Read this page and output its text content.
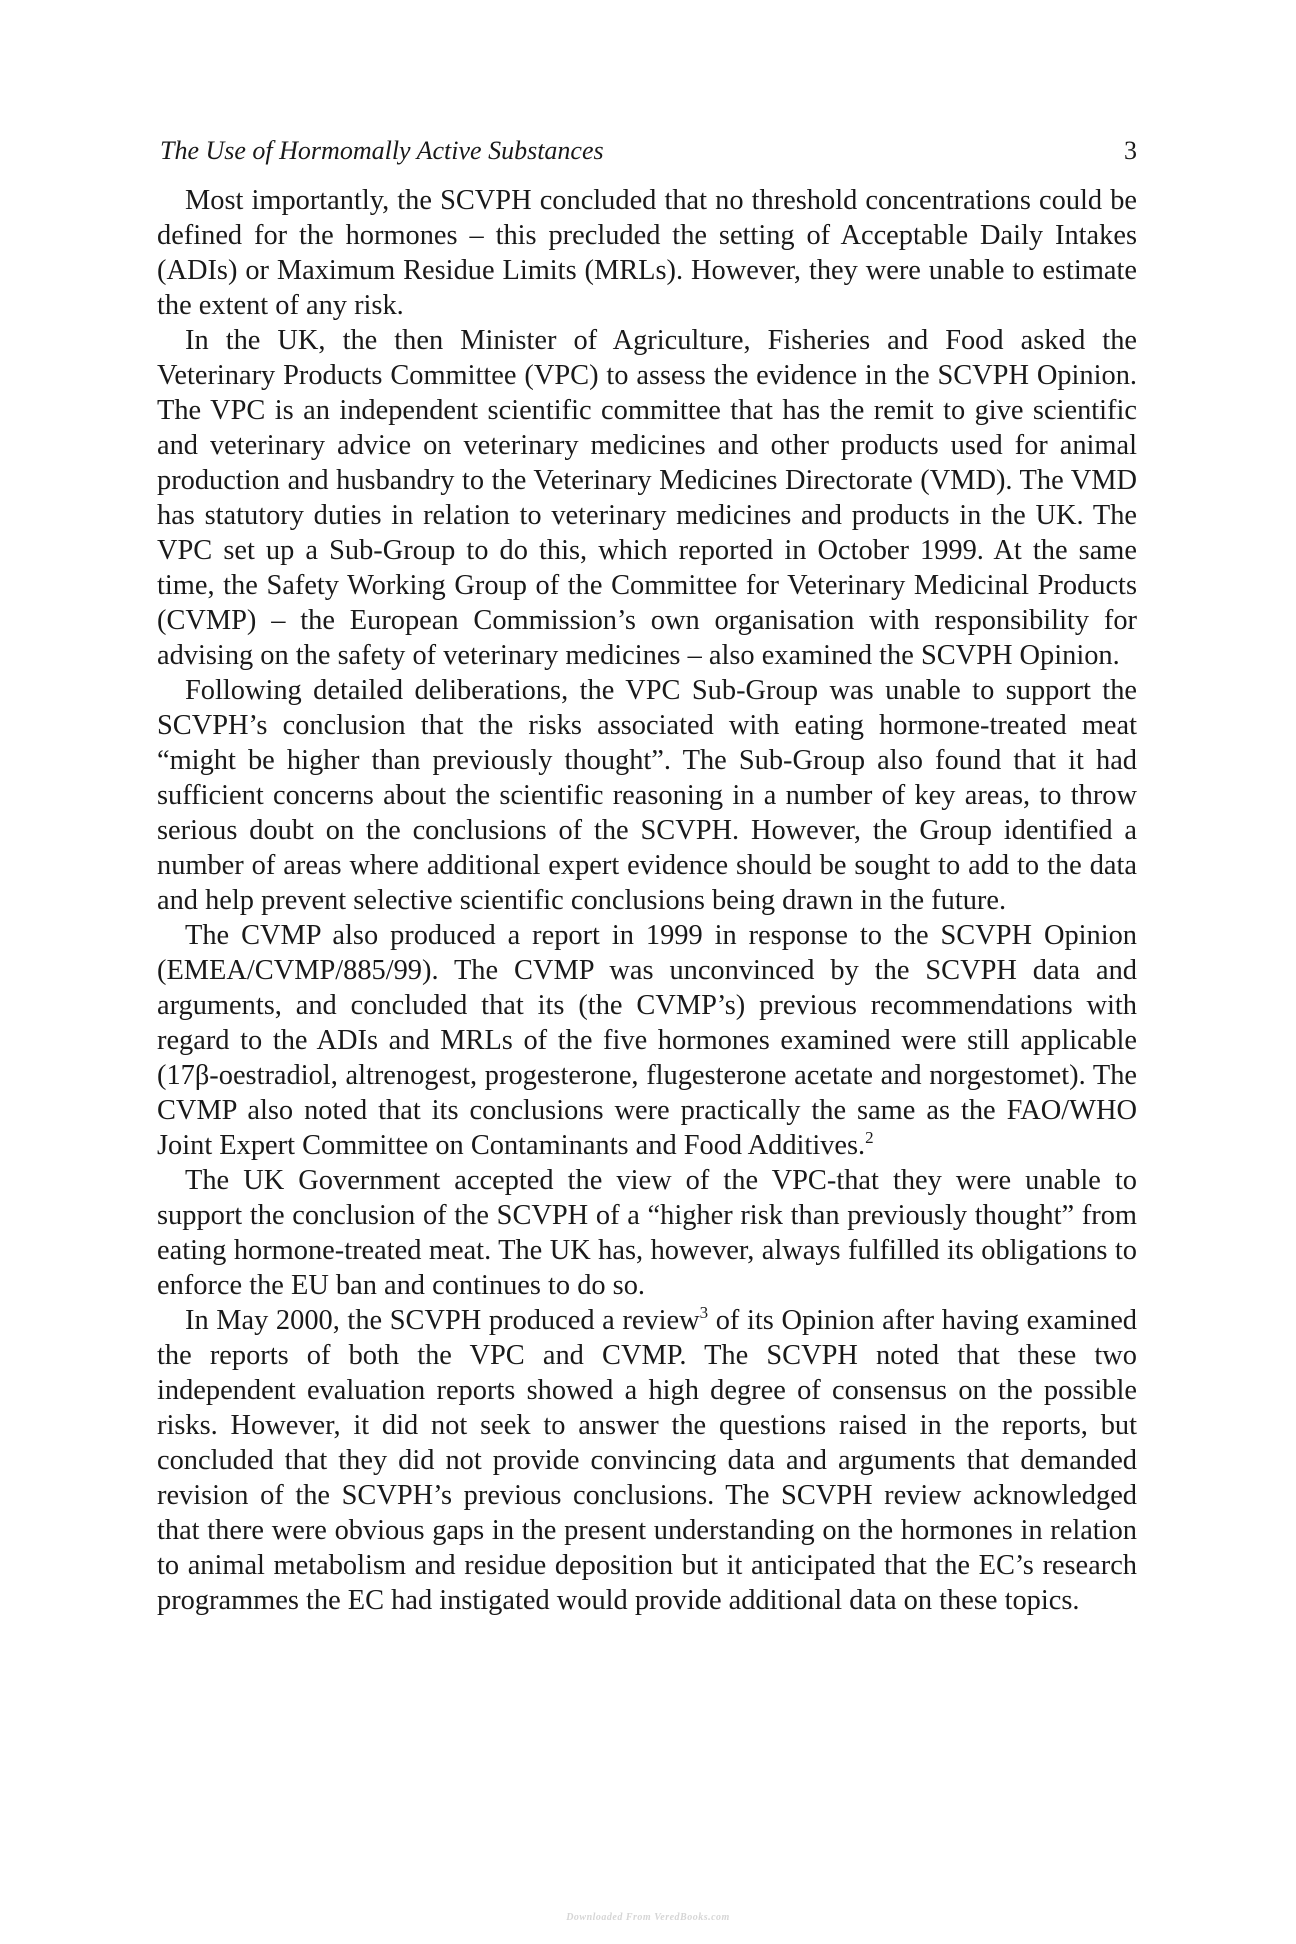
The Use of Hormomally Active Substances	3

Most importantly, the SCVPH concluded that no threshold concentrations could be defined for the hormones – this precluded the setting of Acceptable Daily Intakes (ADIs) or Maximum Residue Limits (MRLs). However, they were unable to estimate the extent of any risk.

In the UK, the then Minister of Agriculture, Fisheries and Food asked the Veterinary Products Committee (VPC) to assess the evidence in the SCVPH Opinion. The VPC is an independent scientific committee that has the remit to give scientific and veterinary advice on veterinary medicines and other products used for animal production and husbandry to the Veterinary Medicines Directorate (VMD). The VMD has statutory duties in relation to veterinary medicines and products in the UK. The VPC set up a Sub-Group to do this, which reported in October 1999. At the same time, the Safety Working Group of the Committee for Veterinary Medicinal Products (CVMP) – the European Commission’s own organisation with responsibility for advising on the safety of veterinary medicines – also examined the SCVPH Opinion.

Following detailed deliberations, the VPC Sub-Group was unable to support the SCVPH’s conclusion that the risks associated with eating hormone-treated meat “might be higher than previously thought”. The Sub-Group also found that it had sufficient concerns about the scientific reasoning in a number of key areas, to throw serious doubt on the conclusions of the SCVPH. However, the Group identified a number of areas where additional expert evidence should be sought to add to the data and help prevent selective scientific conclusions being drawn in the future.

The CVMP also produced a report in 1999 in response to the SCVPH Opinion (EMEA/CVMP/885/99). The CVMP was unconvinced by the SCVPH data and arguments, and concluded that its (the CVMP’s) previous recommendations with regard to the ADIs and MRLs of the five hormones examined were still applicable (17β-oestradiol, altrenogest, progesterone, flugesterone acetate and norgestomet). The CVMP also noted that its conclusions were practically the same as the FAO/WHO Joint Expert Committee on Contaminants and Food Additives.$^2$

The UK Government accepted the view of the VPC-that they were unable to support the conclusion of the SCVPH of a “higher risk than previously thought” from eating hormone-treated meat. The UK has, however, always fulfilled its obligations to enforce the EU ban and continues to do so.

In May 2000, the SCVPH produced a review$^3$ of its Opinion after having examined the reports of both the VPC and CVMP. The SCVPH noted that these two independent evaluation reports showed a high degree of consensus on the possible risks. However, it did not seek to answer the questions raised in the reports, but concluded that they did not provide convincing data and arguments that demanded revision of the SCVPH’s previous conclusions. The SCVPH review acknowledged that there were obvious gaps in the present understanding on the hormones in relation to animal metabolism and residue deposition but it anticipated that the EC’s research programmes the EC had instigated would provide additional data on these topics.

Downloaded From VeredBooks.com
